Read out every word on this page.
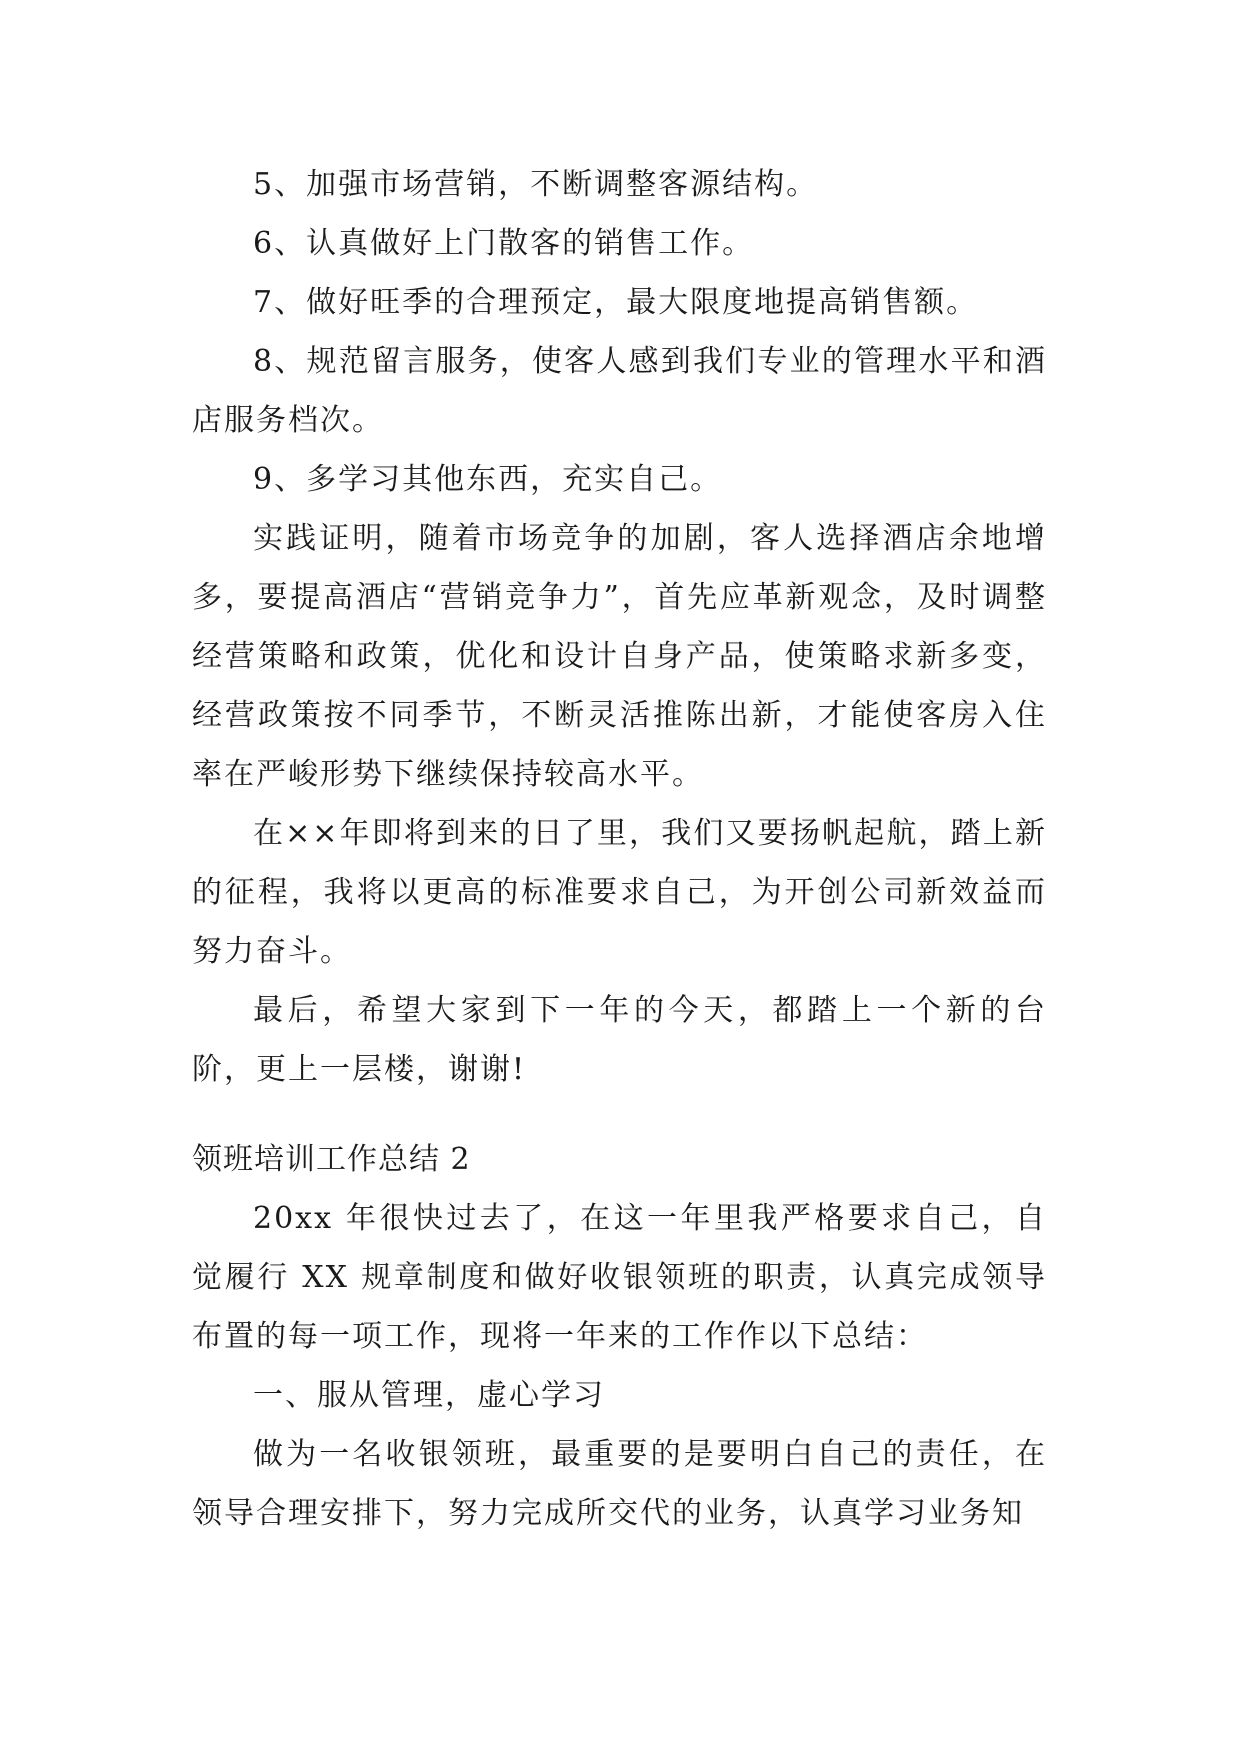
5、加强市场营销，不断调整客源结构。

6、认真做好上门散客的销售工作。

7、做好旺季的合理预定，最大限度地提高销售额。

8、规范留言服务，使客人感到我们专业的管理水平和酒店服务档次。

9、多学习其他东西，充实自己。

实践证明，随着市场竞争的加剧，客人选择酒店余地增多，要提高酒店“营销竞争力”，首先应革新观念，及时调整经营策略和政策，优化和设计自身产品，使策略求新多变，经营政策按不同季节，不断灵活推陈出新，才能使客房入住率在严峻形势下继续保持较高水平。

在××年即将到来的日了里，我们又要扬帆起航，踏上新的征程，我将以更高的标准要求自己，为开创公司新效益而努力奋斗。

最后，希望大家到下一年的今天，都踏上一个新的台阶，更上一层楼，谢谢!

领班培训工作总结 2

20xx 年很快过去了，在这一年里我严格要求自己，自觉履行 XX 规章制度和做好收银领班的职责，认真完成领导布置的每一项工作，现将一年来的工作作以下总结：

一、服从管理，虚心学习

做为一名收银领班，最重要的是要明白自己的责任，在领导合理安排下，努力完成所交代的业务，认真学习业务知
